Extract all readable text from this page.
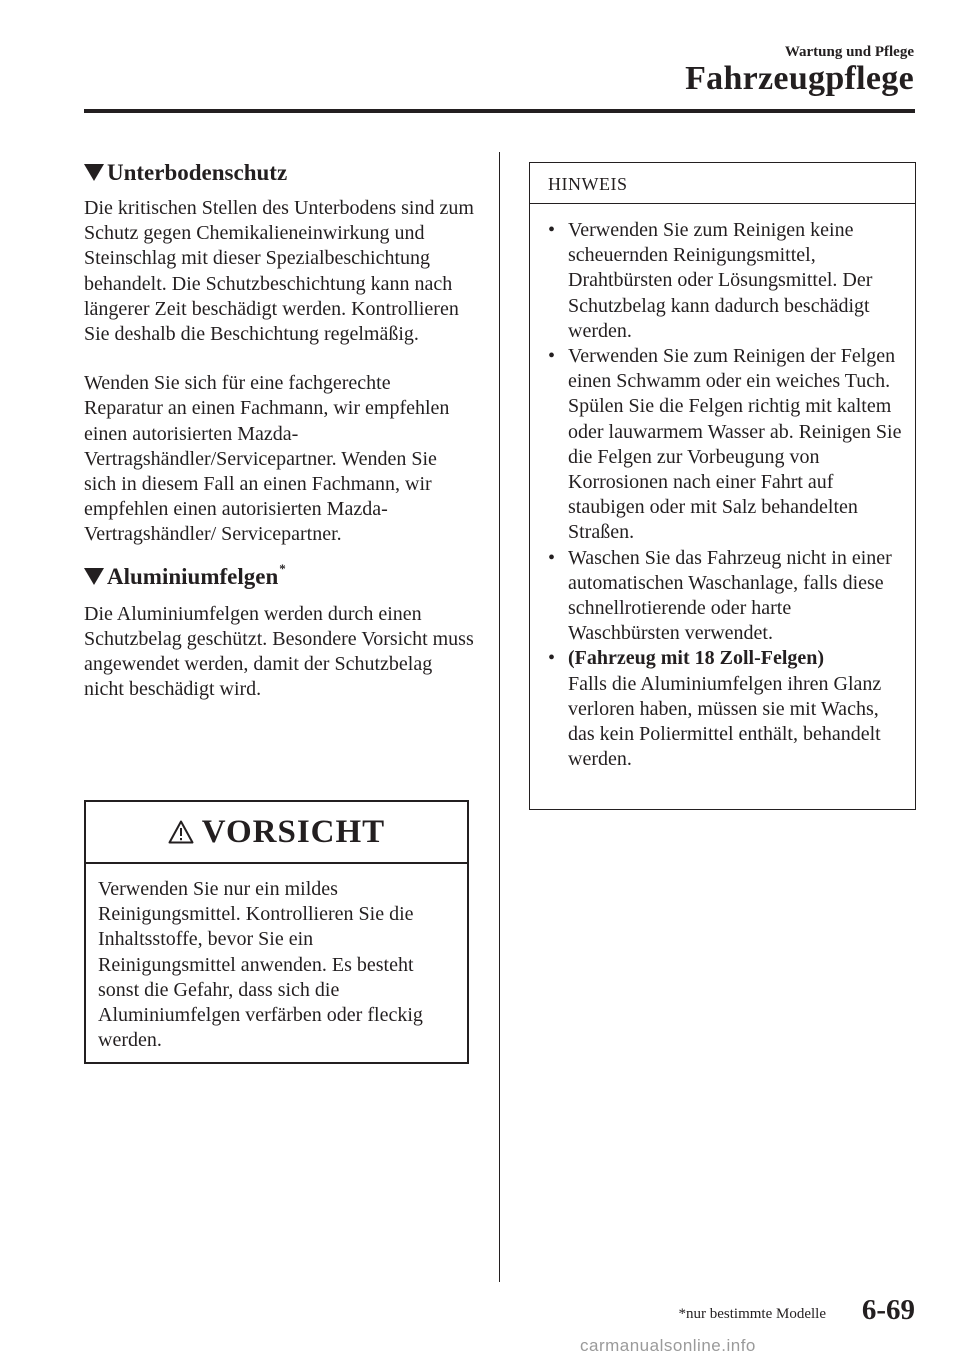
Wartung und Pflege
Fahrzeugpflege
Unterbodenschutz

Die kritischen Stellen des Unterbodens sind zum Schutz gegen Chemikalieneinwirkung und Steinschlag mit dieser Spezialbeschichtung behandelt. Die Schutzbeschichtung kann nach längerer Zeit beschädigt werden. Kontrollieren Sie deshalb die Beschichtung regelmäßig.

Wenden Sie sich für eine fachgerechte Reparatur an einen Fachmann, wir empfehlen einen autorisierten Mazda-Vertragshändler/Servicepartner. Wenden Sie sich in diesem Fall an einen Fachmann, wir empfehlen einen autorisierten Mazda-Vertragshändler/ Servicepartner.

Aluminiumfelgen *

Die Aluminiumfelgen werden durch einen Schutzbelag geschützt. Besondere Vorsicht muss angewendet werden, damit der Schutzbelag nicht beschädigt wird.

VORSICHT
Verwenden Sie nur ein mildes Reinigungsmittel. Kontrollieren Sie die Inhaltsstoffe, bevor Sie ein Reinigungsmittel anwenden. Es besteht sonst die Gefahr, dass sich die Aluminiumfelgen verfärben oder fleckig werden.
HINWEIS
• Verwenden Sie zum Reinigen keine scheuernden Reinigungsmittel, Drahtbürsten oder Lösungsmittel. Der Schutzbelag kann dadurch beschädigt werden.
• Verwenden Sie zum Reinigen der Felgen einen Schwamm oder ein weiches Tuch. Spülen Sie die Felgen richtig mit kaltem oder lauwarmem Wasser ab. Reinigen Sie die Felgen zur Vorbeugung von Korrosionen nach einer Fahrt auf staubigen oder mit Salz behandelten Straßen.
• Waschen Sie das Fahrzeug nicht in einer automatischen Waschanlage, falls diese schnellrotierende oder harte Waschbürsten verwendet.
• (Fahrzeug mit 18 Zoll-Felgen)
Falls die Aluminiumfelgen ihren Glanz verloren haben, müssen sie mit Wachs, das kein Poliermittel enthält, behandelt werden.
*nur bestimmte Modelle 6-69
carmanualsonline.info
